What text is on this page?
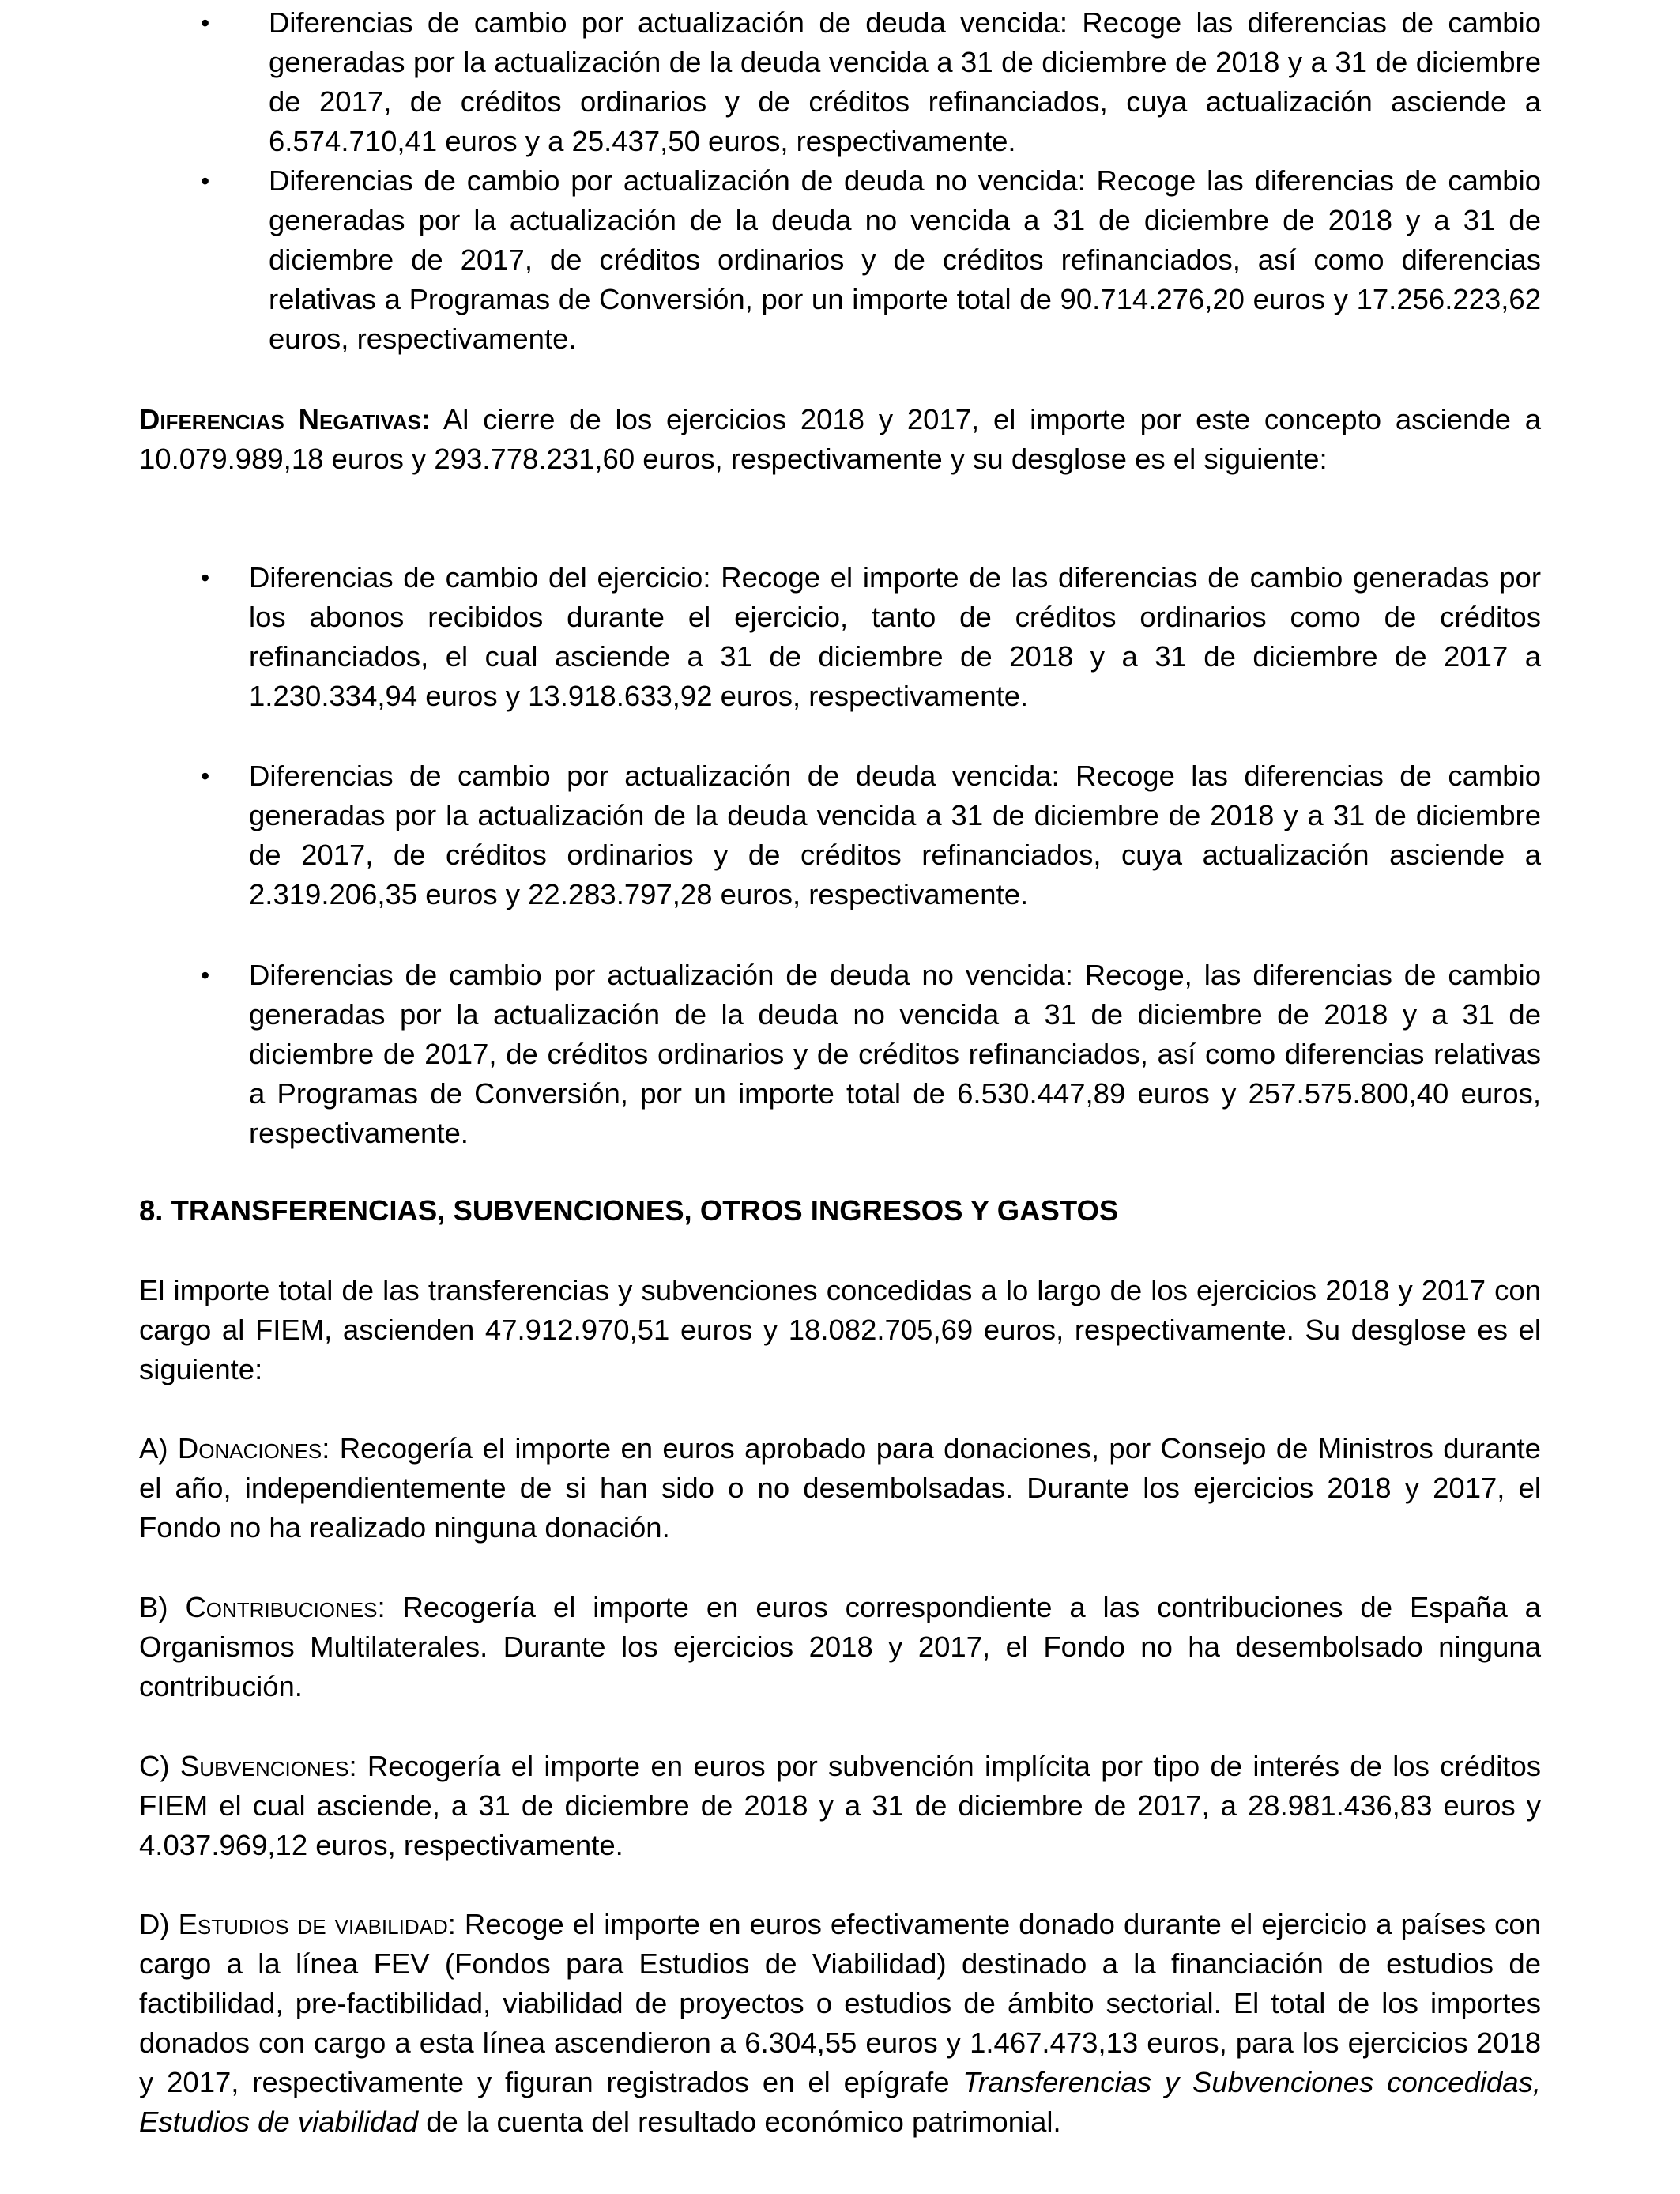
• Diferencias de cambio por actualización de deuda vencida: Recoge las diferencias de cambio generadas por la actualización de la deuda vencida a 31 de diciembre de 2018 y a 31 de diciembre de 2017, de créditos ordinarios y de créditos refinanciados, cuya actualización asciende a 6.574.710,41 euros y a 25.437,50 euros, respectivamente.
• Diferencias de cambio por actualización de deuda no vencida: Recoge las diferencias de cambio generadas por la actualización de la deuda no vencida a 31 de diciembre de 2018 y a 31 de diciembre de 2017, de créditos ordinarios y de créditos refinanciados, así como diferencias relativas a Programas de Conversión, por un importe total de 90.714.276,20 euros y 17.256.223,62 euros, respectivamente.

Diferencias Negativas: Al cierre de los ejercicios 2018 y 2017, el importe por este concepto asciende a 10.079.989,18 euros y 293.778.231,60 euros, respectivamente y su desglose es el siguiente:

• Diferencias de cambio del ejercicio: Recoge el importe de las diferencias de cambio generadas por los abonos recibidos durante el ejercicio, tanto de créditos ordinarios como de créditos refinanciados, el cual asciende a 31 de diciembre de 2018 y a 31 de diciembre de 2017 a 1.230.334,94 euros y 13.918.633,92 euros, respectivamente.
• Diferencias de cambio por actualización de deuda vencida: Recoge las diferencias de cambio generadas por la actualización de la deuda vencida a 31 de diciembre de 2018 y a 31 de diciembre de 2017, de créditos ordinarios y de créditos refinanciados, cuya actualización asciende a 2.319.206,35 euros y 22.283.797,28 euros, respectivamente.
• Diferencias de cambio por actualización de deuda no vencida: Recoge, las diferencias de cambio generadas por la actualización de la deuda no vencida a 31 de diciembre de 2018 y a 31 de diciembre de 2017, de créditos ordinarios y de créditos refinanciados, así como diferencias relativas a Programas de Conversión, por un importe total de 6.530.447,89 euros y 257.575.800,40 euros, respectivamente.
8. TRANSFERENCIAS, SUBVENCIONES, OTROS INGRESOS Y GASTOS

El importe total de las transferencias y subvenciones concedidas a lo largo de los ejercicios 2018 y 2017 con cargo al FIEM, ascienden 47.912.970,51 euros y 18.082.705,69 euros, respectivamente. Su desglose es el siguiente:

A) Donaciones: Recogería el importe en euros aprobado para donaciones, por Consejo de Ministros durante el año, independientemente de si han sido o no desembolsadas. Durante los ejercicios 2018 y 2017, el Fondo no ha realizado ninguna donación.

B) Contribuciones: Recogería el importe en euros correspondiente a las contribuciones de España a Organismos Multilaterales. Durante los ejercicios 2018 y 2017, el Fondo no ha desembolsado ninguna contribución.

C) Subvenciones: Recogería el importe en euros por subvención implícita por tipo de interés de los créditos FIEM el cual asciende, a 31 de diciembre de 2018 y a 31 de diciembre de 2017, a 28.981.436,83 euros y 4.037.969,12 euros, respectivamente.

D) Estudios de viabilidad: Recoge el importe en euros efectivamente donado durante el ejercicio a países con cargo a la línea FEV (Fondos para Estudios de Viabilidad) destinado a la financiación de estudios de factibilidad, pre-factibilidad, viabilidad de proyectos o estudios de ámbito sectorial. El total de los importes donados con cargo a esta línea ascendieron a 6.304,55 euros y 1.467.473,13 euros, para los ejercicios 2018 y 2017, respectivamente y figuran registrados en el epígrafe Transferencias y Subvenciones concedidas, Estudios de viabilidad de la cuenta del resultado económico patrimonial.
